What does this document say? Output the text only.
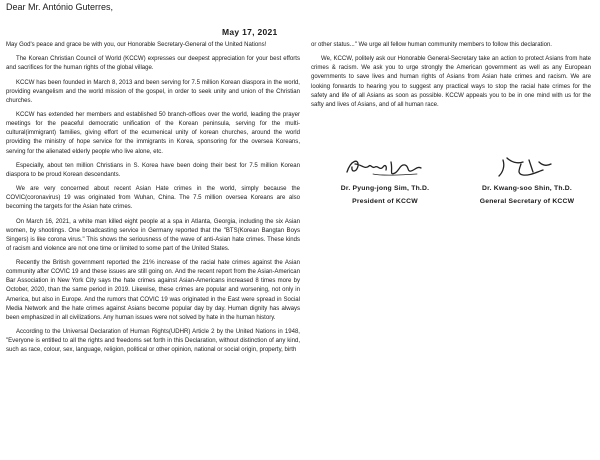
Dear Mr. António Guterres,
May 17, 2021

May God's peace and grace be with you, our Honorable Secretary-General of the United Nations!

The Korean Christian Council of World (KCCW) expresses our deepest appreciation for your best efforts and sacrifices for the human rights of the global village.

KCCW has been founded in March 8, 2013 and been serving for 7.5 million Korean diaspora in the world, providing evangelism and the world mission of the gospel, in order to seek unity and union of the Christian churches.

KCCW has extended her members and established 50 branch-offices over the world, leading the prayer meetings for the peaceful democratic unification of the Korean peninsula, serving for the multi-cultural(immigrant) families, giving effort of the ecumenical unity of korean churches, around the world providing the ministry of hope service for the immigrants in Korea, sponsoring for the oversea Koreans, serving for the alienated elderly people who live alone, etc.

Especially, about ten million Christians in S. Korea have been doing their best for 7.5 million Korean diaspora to be proud Korean descendants.

We are very concerned about recent Asian Hate crimes in the world, simply because the COVIC(coronavirus) 19 was originated from Wuhan, China. The 7.5 million oversea Koreans are also becoming the targets for the Asian hate crimes.

On March 16, 2021, a white man killed eight people at a spa in Atlanta, Georgia, including the six Asian women, by shootings. One broadcasting service in Germany reported that the "BTS(Korean Bangtan Boys Singers) is like corona virus." This shows the seriousness of the wave of anti-Asian hate crimes. These kinds of racism and violence are not one time or limited to some part of the United States.

Recently the British government reported the 21% increase of the racial hate crimes against the Asian community after COVIC 19 and these issues are still going on. And the recent report from the Asian-American Bar Association in New York City says the hate crimes against Asian-Americans increased 8 times more by October, 2020, than the same period in 2019. Likewise, these crimes are popular and worsening, not only in America, but also in Europe. And the rumors that COVIC 19 was originated in the East were spread in Social Media Network and the hate crimes against Asians become popular day by day. Human dignity has always been emphasized in all civilizations. Any human issues were not solved by hate in the human history.

According to the Universal Declaration of Human Rights(UDHR) Article 2 by the United Nations in 1948, "Everyone is entitled to all the rights and freedoms set forth in this Declaration, without distinction of any kind, such as race, colour, sex, language, religion, political or other opinion, national or social origin, property, birth

or other status..." We urge all fellow human community members to follow this declaration.

We, KCCW, politely ask our Honorable General-Secretary take an action to protect Asians from hate crimes & racism. We ask you to urge strongly the American government as well as any European governments to save lives and human rights of Asians from Asian hate crimes and racism. We are looking forwards to hearing you to suggest any practical ways to stop the racial hate crimes for the safety and life of all Asians as soon as possible. KCCW appeals you to be in one mind with us for the safty and lives of Asians, and of all human race.

Dr. Pyung-jong Sim, Th.D.
President of KCCW
Dr. Kwang-soo Shin, Th.D.
General Secretary of KCCW
